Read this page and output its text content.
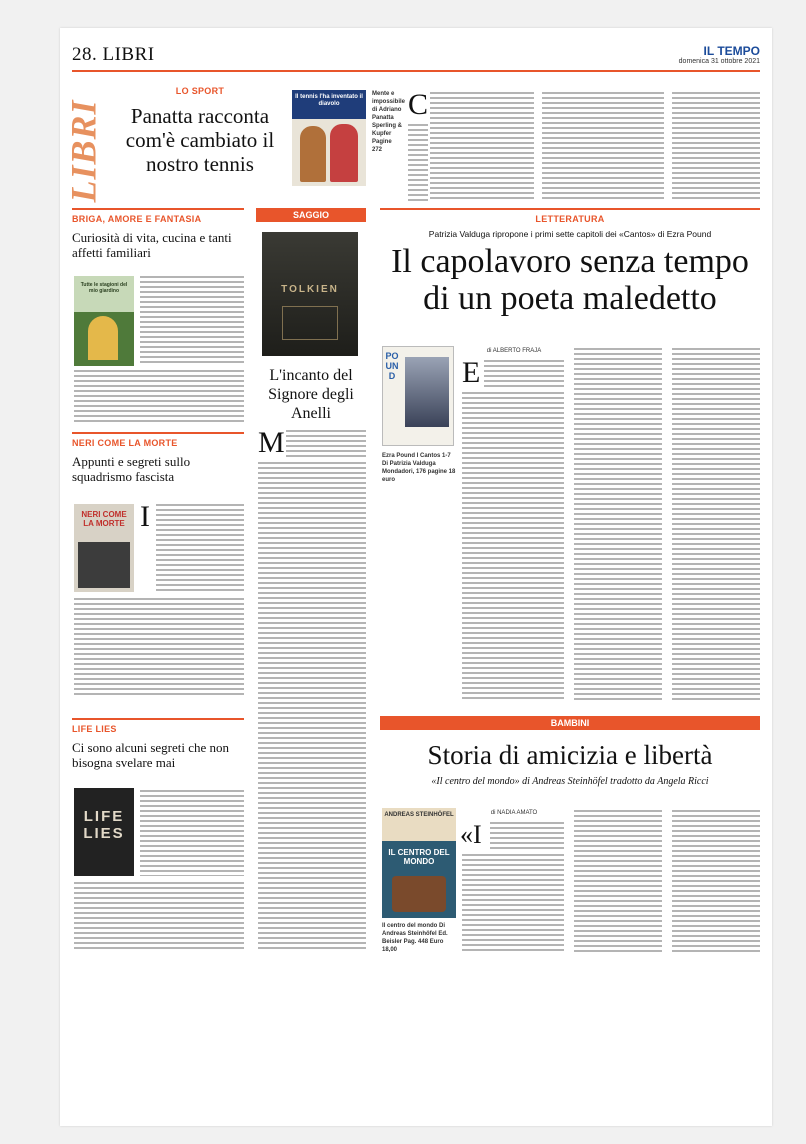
28. LIBRI	IL TEMPO
domenica 31 ottobre 2021
LIBRI
LO SPORT
Panatta racconta com'è cambiato il nostro tennis
Il tennis l'ha inventato il diavolo
Mente e impossibile di Adriano Panatta Sperling & Kupfer Pagine 272
C
BRIGA, AMORE E FANTASIA
Curiosità di vita, cucina e tanti affetti familiari
Tutte le stagioni del mio giardino
NERI COME LA MORTE
Appunti e segreti sullo squadrismo fascista
NERI COME LA MORTE I
LIFE LIES
Ci sono alcuni segreti che non bisogna svelare mai
LIFE LIES
SAGGIO
TOLKIEN
L'incanto del Signore degli Anelli
M
LETTERATURA
Patrizia Valduga ripropone i primi sette capitoli dei «Cantos» di Ezra Pound
Il capolavoro senza tempo di un poeta maledetto
POUND
Ezra Pound I Cantos 1-7 Di Patrizia Valduga Mondadori, 176 pagine 18 euro
di ALBERTO FRAJA
E
BAMBINI
Storia di amicizia e libertà
«Il centro del mondo» di Andreas Steinhöfel tradotto da Angela Ricci
ANDREAS STEINHÖFEL
IL CENTRO DEL MONDO
Il centro del mondo Di Andreas Steinhöfel Ed. Beisler Pag. 448 Euro 18,00
di NADIA AMATO
«I
